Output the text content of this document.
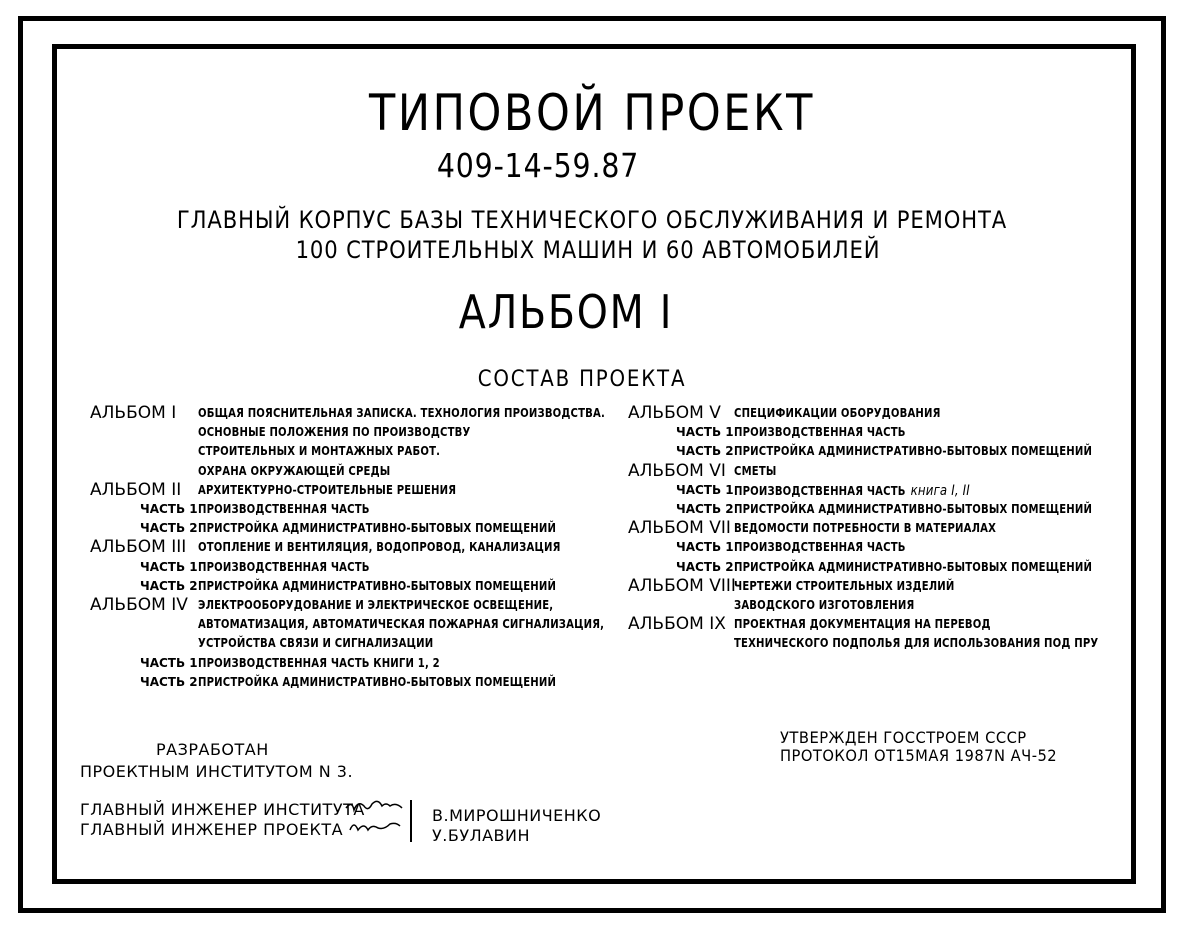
ТИПОВОЙ ПРОЕКТ
409-14-59.87
ГЛАВНЫЙ КОРПУС БАЗЫ ТЕХНИЧЕСКОГО ОБСЛУЖИВАНИЯ И РЕМОНТА
100 СТРОИТЕЛЬНЫХ МАШИН И 60 АВТОМОБИЛЕЙ
АЛЬБОМ I
СОСТАВ ПРОЕКТА
АЛЬБОМ I ОБЩАЯ ПОЯСНИТЕЛЬНАЯ ЗАПИСКА. ТЕХНОЛОГИЯ ПРОИЗВОДСТВА.
ОСНОВНЫЕ ПОЛОЖЕНИЯ ПО ПРОИЗВОДСТВУ
СТРОИТЕЛЬНЫХ И МОНТАЖНЫХ РАБОТ.
ОХРАНА ОКРУЖАЮЩЕЙ СРЕДЫ
АЛЬБОМ II АРХИТЕКТУРНО-СТРОИТЕЛЬНЫЕ РЕШЕНИЯ
ЧАСТЬ 1 ПРОИЗВОДСТВЕННАЯ ЧАСТЬ
ЧАСТЬ 2 ПРИСТРОЙКА АДМИНИСТРАТИВНО-БЫТОВЫХ ПОМЕЩЕНИЙ
АЛЬБОМ III ОТОПЛЕНИЕ И ВЕНТИЛЯЦИЯ, ВОДОПРОВОД, КАНАЛИЗАЦИЯ
ЧАСТЬ 1 ПРОИЗВОДСТВЕННАЯ ЧАСТЬ
ЧАСТЬ 2 ПРИСТРОЙКА АДМИНИСТРАТИВНО-БЫТОВЫХ ПОМЕЩЕНИЙ
АЛЬБОМ IV ЭЛЕКТРООБОРУДОВАНИЕ И ЭЛЕКТРИЧЕСКОЕ ОСВЕЩЕНИЕ,
АВТОМАТИЗАЦИЯ, АВТОМАТИЧЕСКАЯ ПОЖАРНАЯ СИГНАЛИЗАЦИЯ,
УСТРОЙСТВА СВЯЗИ И СИГНАЛИЗАЦИИ
ЧАСТЬ 1 ПРОИЗВОДСТВЕННАЯ ЧАСТЬ КНИГИ 1, 2
ЧАСТЬ 2 ПРИСТРОЙКА АДМИНИСТРАТИВНО-БЫТОВЫХ ПОМЕЩЕНИЙ
АЛЬБОМ V СПЕЦИФИКАЦИИ ОБОРУДОВАНИЯ
ЧАСТЬ 1 ПРОИЗВОДСТВЕННАЯ ЧАСТЬ
ЧАСТЬ 2 ПРИСТРОЙКА АДМИНИСТРАТИВНО-БЫТОВЫХ ПОМЕЩЕНИЙ
АЛЬБОМ VI СМЕТЫ
ЧАСТЬ 1 ПРОИЗВОДСТВЕННАЯ ЧАСТЬ книга I, II
ЧАСТЬ 2 ПРИСТРОЙКА АДМИНИСТРАТИВНО-БЫТОВЫХ ПОМЕЩЕНИЙ
АЛЬБОМ VII ВЕДОМОСТИ ПОТРЕБНОСТИ В МАТЕРИАЛАХ
ЧАСТЬ 1 ПРОИЗВОДСТВЕННАЯ ЧАСТЬ
ЧАСТЬ 2 ПРИСТРОЙКА АДМИНИСТРАТИВНО-БЫТОВЫХ ПОМЕЩЕНИЙ
АЛЬБОМ VIII
ЧЕРТЕЖИ СТРОИТЕЛЬНЫХ ИЗДЕЛИЙ
ЗАВОДСКОГО ИЗГОТОВЛЕНИЯ
АЛЬБОМ IX ПРОЕКТНАЯ ДОКУМЕНТАЦИЯ НА ПЕРЕВОД
ТЕХНИЧЕСКОГО ПОДПОЛЬЯ ДЛЯ ИСПОЛЬЗОВАНИЯ ПОД ПРУ
РАЗРАБОТАН
ПРОЕКТНЫМ ИНСТИТУТОМ N 3.
УТВЕРЖДЕН ГОССТРОЕМ СССР
ПРОТОКОЛ ОТ15МАЯ 1987N АЧ-52
ГЛАВНЫЙ ИНЖЕНЕР ИНСТИТУТА
ГЛАВНЫЙ ИНЖЕНЕР ПРОЕКТА
В.МИРОШНИЧЕНКО
У.БУЛАВИН
